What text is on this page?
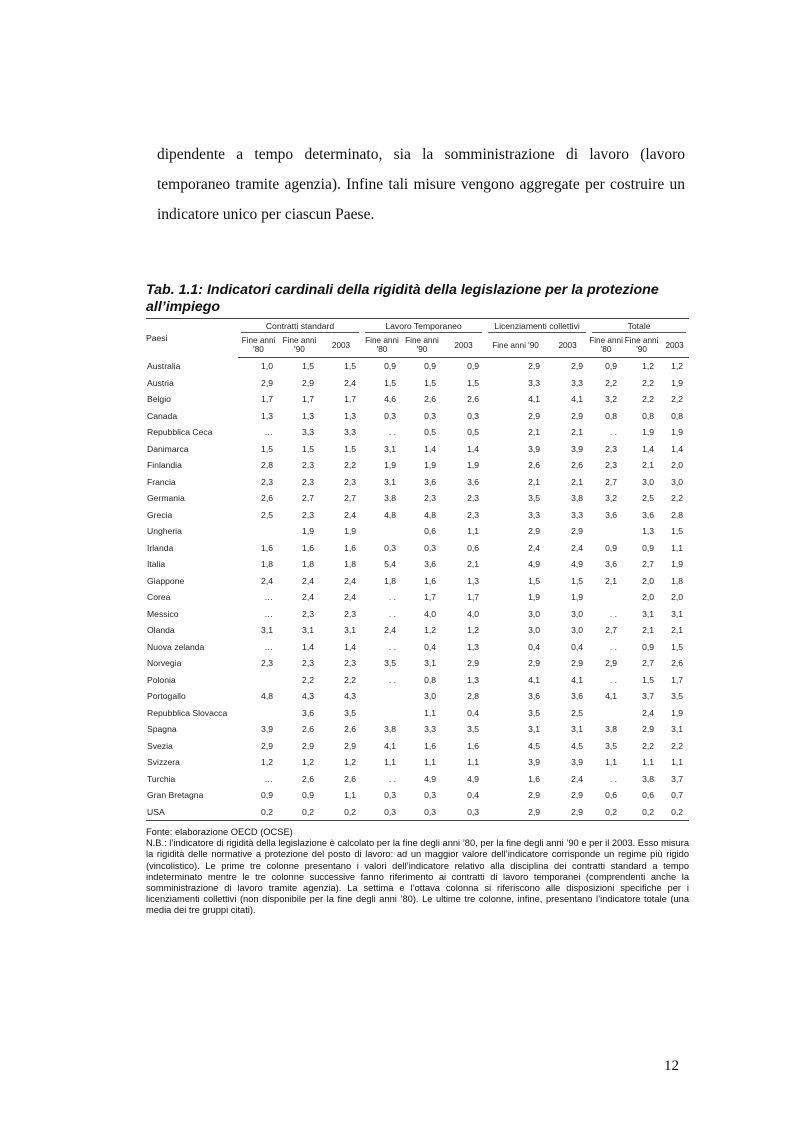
dipendente a tempo determinato, sia la somministrazione di lavoro (lavoro temporaneo tramite agenzia). Infine tali misure vengono aggregate per costruire un indicatore unico per ciascun Paese.

Tab. 1.1: Indicatori cardinali della rigidità della legislazione per la protezione all’impiego

Paesi	Contratti standard			Lavoro Temporaneo			Licenziamenti collettivi		Totale		

	Fine anni '80	Fine anni '90	2003	Fine anni '80	Fine anni '90	2003	Fine anni '90	2003	Fine anni '80	Fine anni '90	2003
Australia	1,0	1,5	1,5	0,9	0,9	0,9	2,9	2,9	0,9	1,2	1,2
Austria	2,9	2,9	2,4	1,5	1,5	1,5	3,3	3,3	2,2	2,2	1,9
Belgio	1,7	1,7	1,7	4,6	2,6	2,6	4,1	4,1	3,2	2,2	2,2
Canada	1,3	1,3	1,3	0,3	0,3	0,3	2,9	2,9	0,8	0,8	0,8
Repubblica Ceca	…	3,3	3,3	. .	0,5	0,5	2,1	2,1	. .	1,9	1,9
Danimarca	1,5	1,5	1,5	3,1	1,4	1,4	3,9	3,9	2,3	1,4	1,4
Finlandia	2,8	2,3	2,2	1,9	1,9	1,9	2,6	2,6	2,3	2,1	2,0
Francia	2,3	2,3	2,3	3,1	3,6	3,6	2,1	2,1	2,7	3,0	3,0
Germania	2,6	2,7	2,7	3,8	2,3	2,3	3,5	3,8	3,2	2,5	2,2
Grecia	2,5	2,3	2,4	4,8	4,8	2,3	3,3	3,3	3,6	3,6	2,8
Ungheria		1,9	1,9		0,6	1,1	2,9	2,9		1,3	1,5
Irlanda	1,6	1,6	1,6	0,3	0,3	0,6	2,4	2,4	0,9	0,9	1,1
Italia	1,8	1,8	1,8	5,4	3,6	2,1	4,9	4,9	3,6	2,7	1,9
Giappone	2,4	2,4	2,4	1,8	1,6	1,3	1,5	1,5	2,1	2,0	1,8
Corea	…	2,4	2,4	. .	1,7	1,7	1,9	1,9		2,0	2,0
Messico	…	2,3	2,3	. .	4,0	4,0	3,0	3,0	. .	3,1	3,1
Olanda	3,1	3,1	3,1	2,4	1,2	1,2	3,0	3,0	2,7	2,1	2,1
Nuova zelanda	…	1,4	1,4	. .	0,4	1,3	0,4	0,4	. .	0,9	1,5
Norvegia	2,3	2,3	2,3	3,5	3,1	2,9	2,9	2,9	2,9	2,7	2,6
Polonia		2,2	2,2	. .	0,8	1,3	4,1	4,1	. .	1,5	1,7
Portogallo	4,8	4,3	4,3		3,0	2,8	3,6	3,6	4,1	3,7	3,5
Repubblica Slovacca		3,6	3,5		1,1	0,4	3,5	2,5		2,4	1,9
Spagna	3,9	2,6	2,6	3,8	3,3	3,5	3,1	3,1	3,8	2,9	3,1
Svezia	2,9	2,9	2,9	4,1	1,6	1,6	4,5	4,5	3,5	2,2	2,2
Svizzera	1,2	1,2	1,2	1,1	1,1	1,1	3,9	3,9	1,1	1,1	1,1
Turchia	…	2,6	2,6	. .	4,9	4,9	1,6	2,4	. .	3,8	3,7
Gran Bretagna	0,9	0,9	1,1	0,3	0,3	0,4	2,9	2,9	0,6	0,6	0,7
USA	0,2	0,2	0,2	0,3	0,3	0,3	2,9	2,9	0,2	0,2	0,2

Fonte: elaborazione OECD (OCSE)

N.B.: l’indicatore di rigidità della legislazione è calcolato per la fine degli anni ’80, per la fine degli anni ’90 e per il 2003. Esso misura la rigidità delle normative a protezione del posto di lavoro: ad un maggior valore dell’indicatore corrisponde un regime più rigido (vincolistico). Le prime tre colonne presentano i valori dell’indicatore relativo alla disciplina dei contratti standard a tempo indeterminato mentre le tre colonne successive fanno riferimento ai contratti di lavoro temporanei (comprendenti anche la somministrazione di lavoro tramite agenzia). La settima e l’ottava colonna si riferiscono alle disposizioni specifiche per i licenziamenti collettivi (non disponibile per la fine degli anni ’80). Le ultime tre colonne, infine, presentano l’indicatore totale (una media dei tre gruppi citati).

12
